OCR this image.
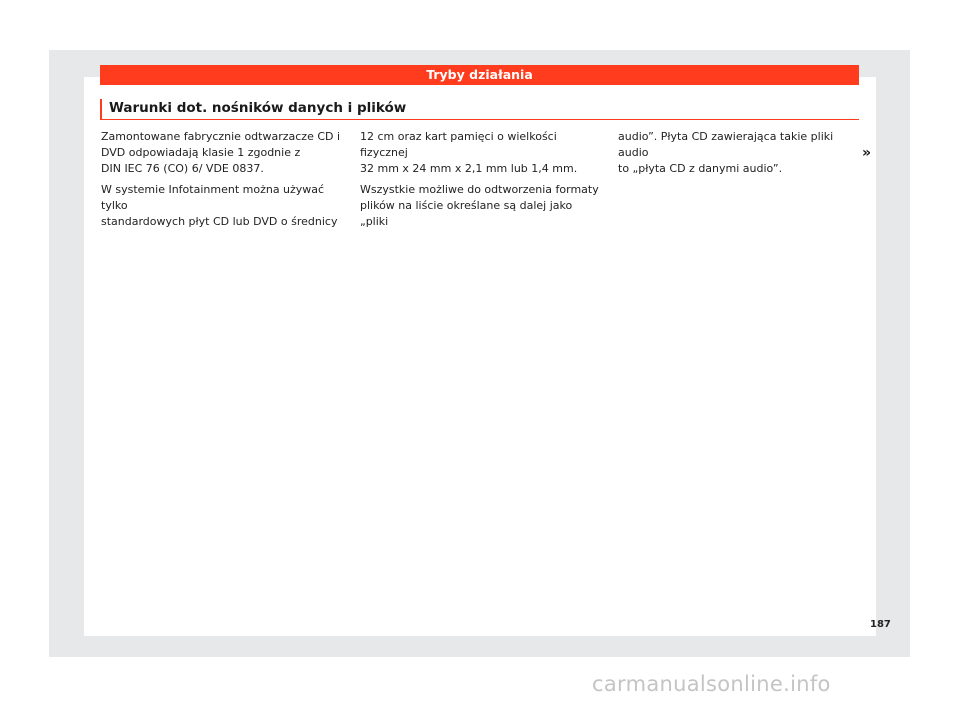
Tryby działania
Warunki dot. nośników danych i plików

Zamontowane fabrycznie odtwarzacze CD i
DVD odpowiadają klasie 1 zgodnie z
DIN IEC 76 (CO) 6/ VDE 0837.

W systemie Infotainment można używać tylko
standardowych płyt CD lub DVD o średnicy

12 cm oraz kart pamięci o wielkości fizycznej
32 mm x 24 mm x 2,1 mm lub 1,4 mm.

Wszystkie możliwe do odtworzenia formaty
plików na liście określane są dalej jako „pliki

audio”. Płyta CD zawierająca takie pliki audio
to „płyta CD z danymi audio”.

»
187
carmanualsonline.info
